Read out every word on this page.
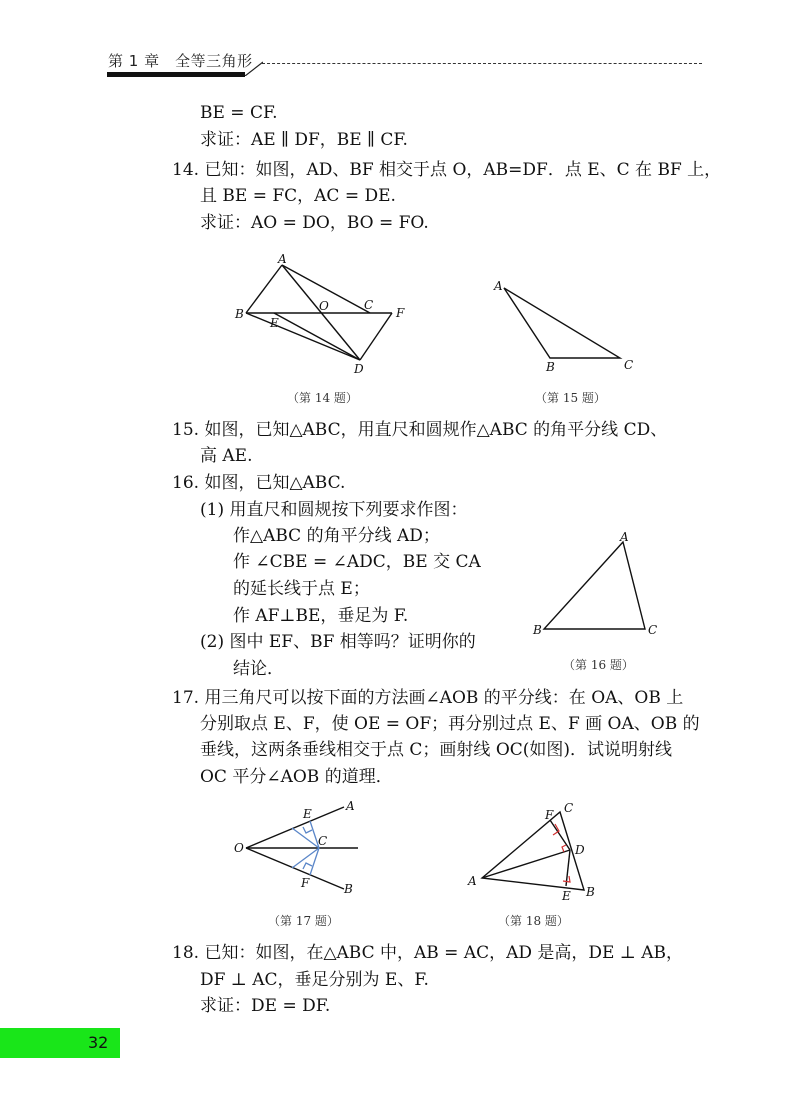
第 1 章　全等三角形
BE = CF.
求证：AE ∥ DF，BE ∥ CF.
14. 已知：如图，AD、BF 相交于点 O，AB=DF．点 E、C 在 BF 上，
且 BE = FC，AC = DE.
求证：AO = DO，BO = FO.
A
B
O	C
F
E
D
（第 14 题）
A
B	C
（第 15 题）
15. 如图，已知△ABC，用直尺和圆规作△ABC 的角平分线 CD、
高 AE.
16. 如图，已知△ABC.
(1) 用直尺和圆规按下列要求作图：
作△ABC 的角平分线 AD；
作 ∠CBE = ∠ADC，BE 交 CA
的延长线于点 E；
作 AF⊥BE，垂足为 F.
(2) 图中 EF、BF 相等吗？证明你的
结论．
A
B	C
（第 16 题）
17. 用三角尺可以按下面的方法画∠AOB 的平分线：在 OA、OB 上
分别取点 E、F，使 OE = OF；再分别过点 E、F 画 OA、OB 的
垂线，这两条垂线相交于点 C；画射线 OC(如图)．试说明射线
OC 平分∠AOB 的道理．
O
E
A
C
F	B
（第 17 题）
C
F
D
A
E B
（第 18 题）
18. 已知：如图，在△ABC 中，AB = AC，AD 是高，DE ⊥ AB，
DF ⊥ AC，垂足分别为 E、F.
求证：DE = DF.
32
